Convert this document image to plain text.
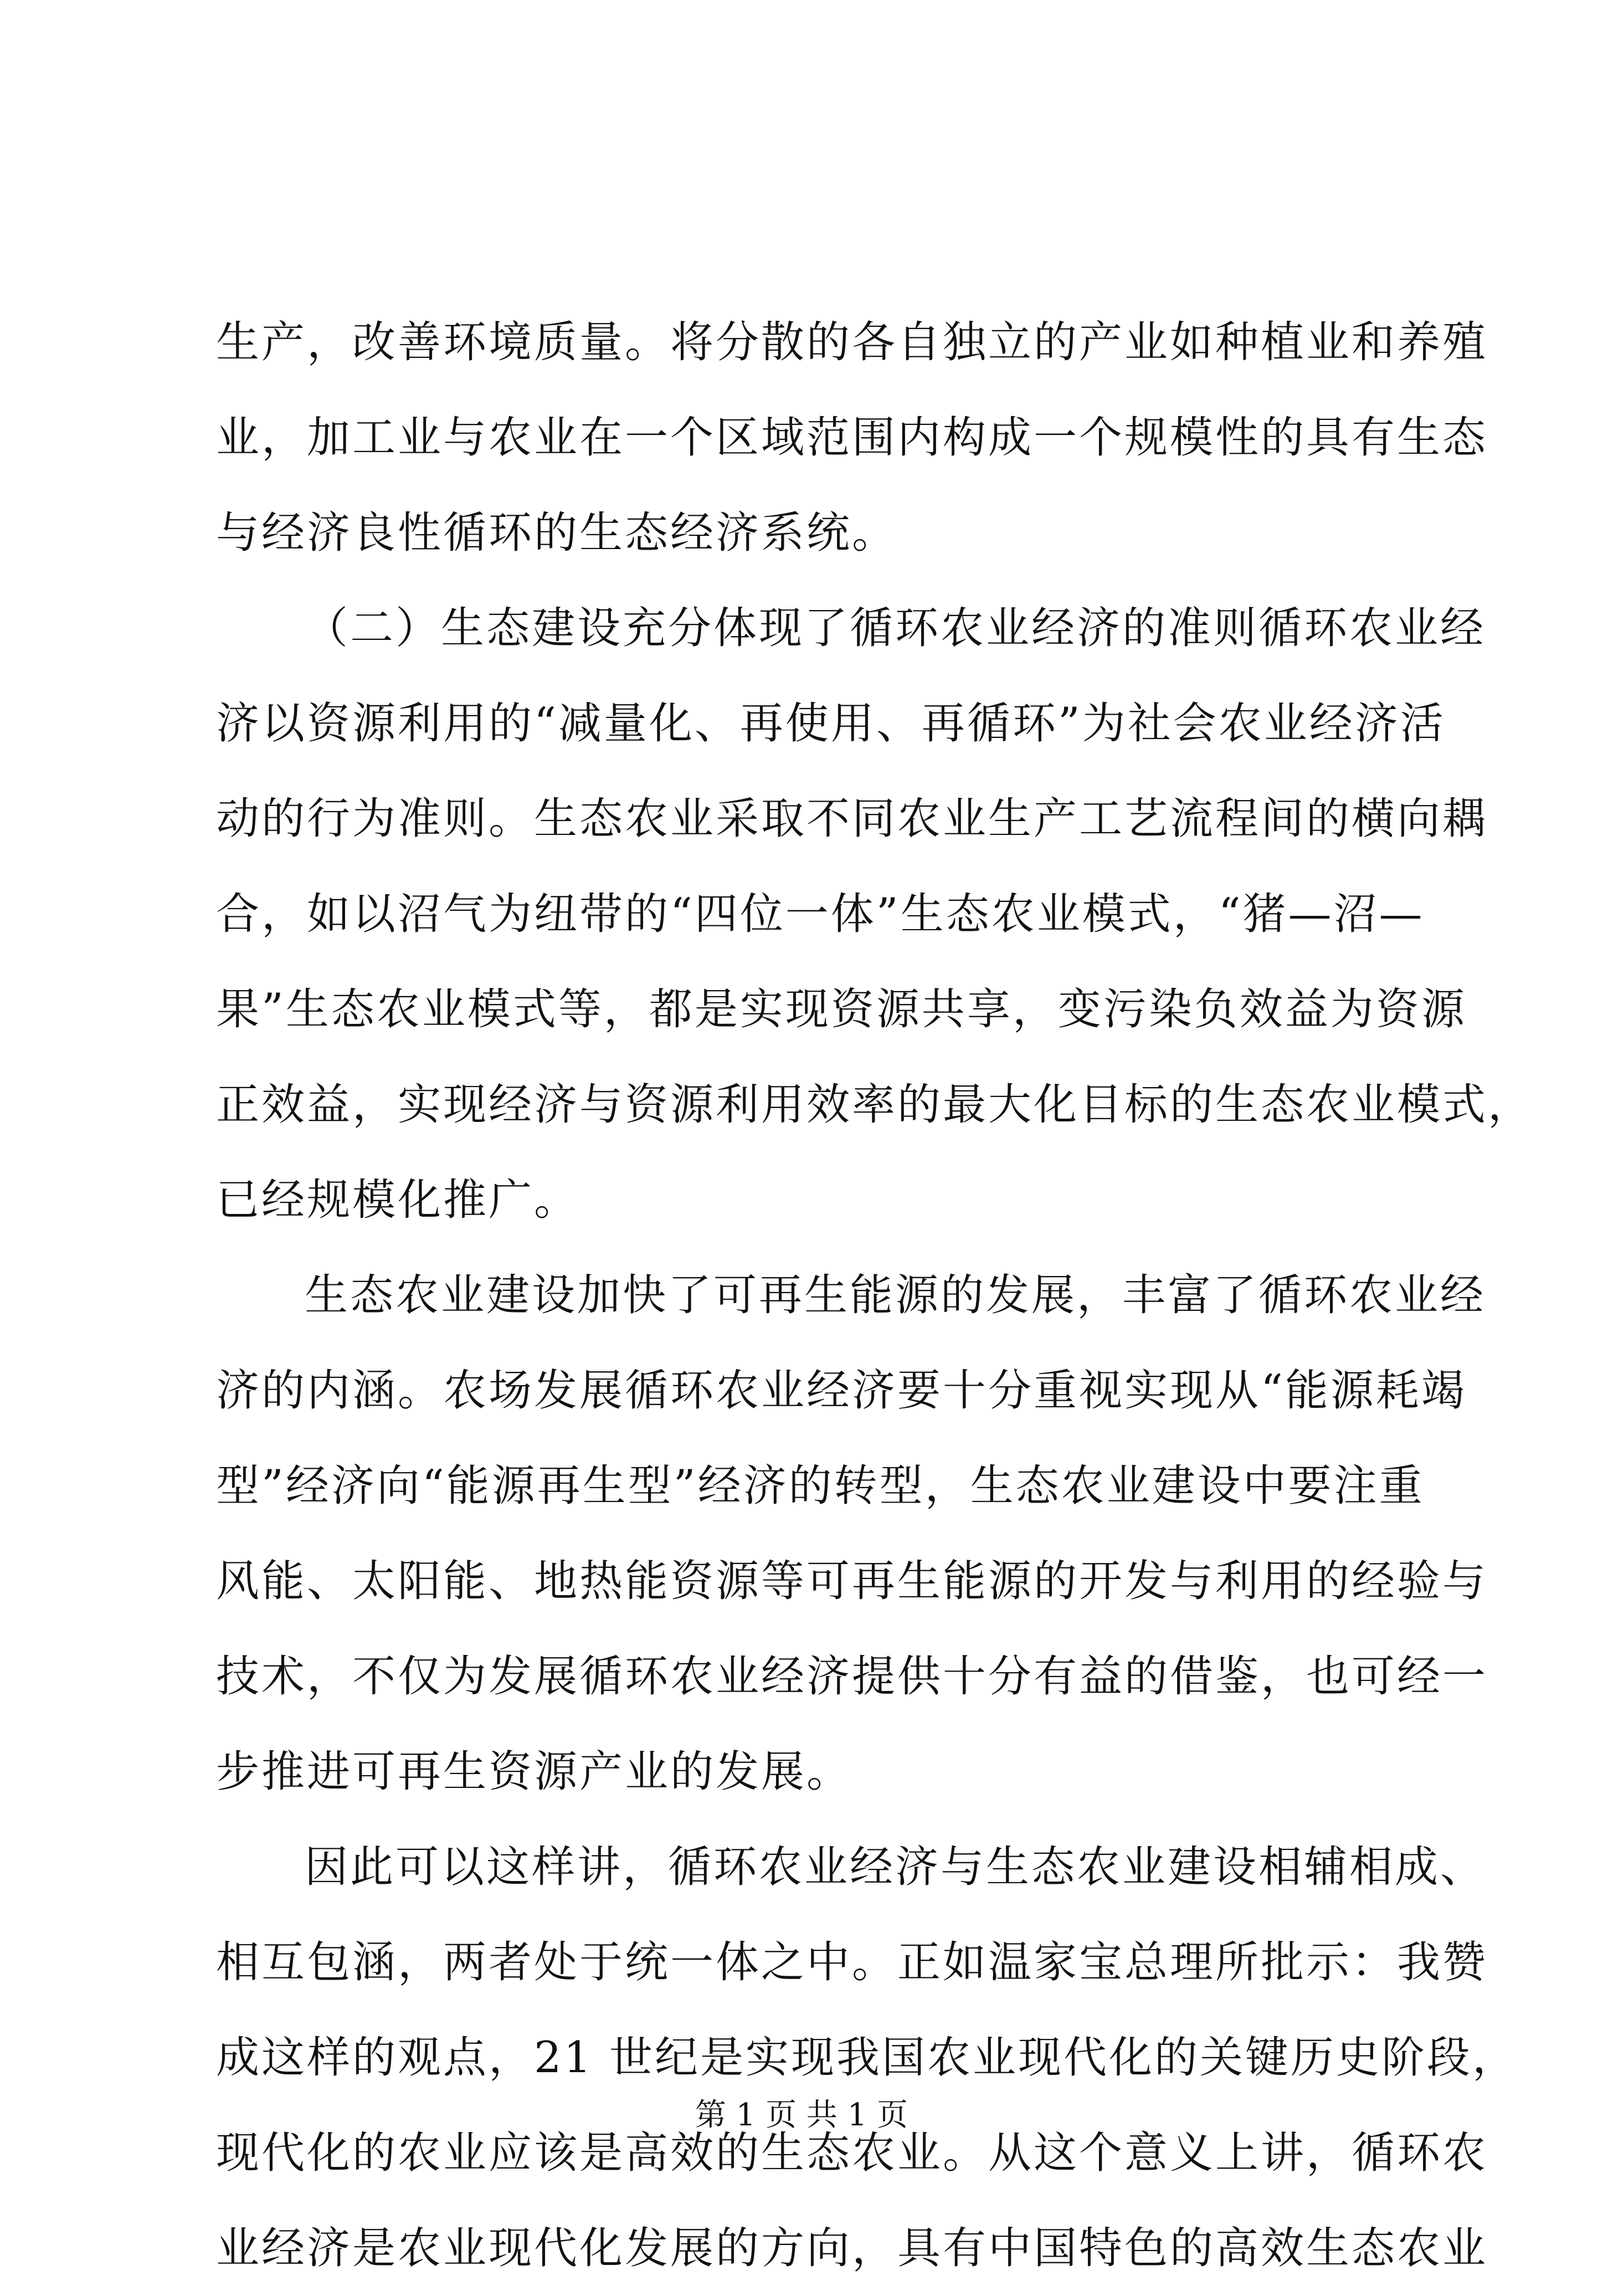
生产，改善环境质量。将分散的各自独立的产业如种植业和养殖
业，加工业与农业在一个区域范围内构成一个规模性的具有生态
与经济良性循环的生态经济系统。
（二）生态建设充分体现了循环农业经济的准则循环农业经
济以资源利用的“减量化、再使用、再循环”为社会农业经济活
动的行为准则。生态农业采取不同农业生产工艺流程间的横向耦
合，如以沼气为纽带的“四位一体”生态农业模式，“猪—沼—
果”生态农业模式等，都是实现资源共享，变污染负效益为资源
正效益，实现经济与资源利用效率的最大化目标的生态农业模式，
已经规模化推广。
生态农业建设加快了可再生能源的发展，丰富了循环农业经
济的内涵。农场发展循环农业经济要十分重视实现从“能源耗竭
型”经济向“能源再生型”经济的转型，生态农业建设中要注重
风能、太阳能、地热能资源等可再生能源的开发与利用的经验与
技术，不仅为发展循环农业经济提供十分有益的借鉴，也可经一
步推进可再生资源产业的发展。
因此可以这样讲，循环农业经济与生态农业建设相辅相成、
相互包涵，两者处于统一体之中。正如温家宝总理所批示：我赞
成这样的观点，21 世纪是实现我国农业现代化的关键历史阶段，
现代化的农业应该是高效的生态农业。从这个意义上讲，循环农
业经济是农业现代化发展的方向，具有中国特色的高效生态农业
第 1 页 共 1 页
